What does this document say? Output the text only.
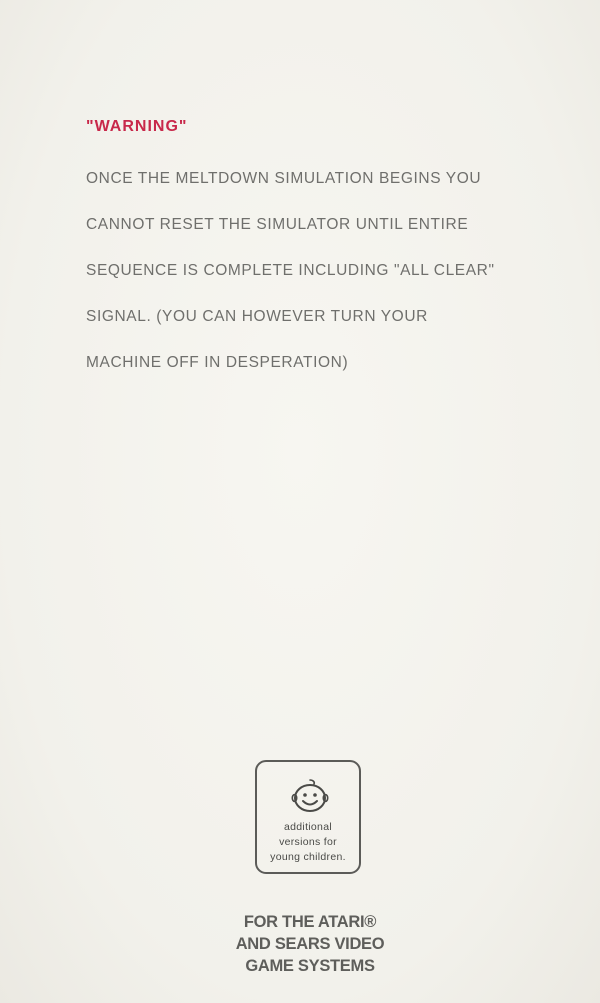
"WARNING"

ONCE THE MELTDOWN SIMULATION BEGINS YOU

CANNOT RESET THE SIMULATOR UNTIL ENTIRE

SEQUENCE IS COMPLETE INCLUDING "ALL CLEAR"

SIGNAL. (YOU CAN HOWEVER TURN YOUR

MACHINE OFF IN DESPERATION)

additional
versions for
young children.
FOR THE ATARI®
AND SEARS VIDEO
GAME SYSTEMS
